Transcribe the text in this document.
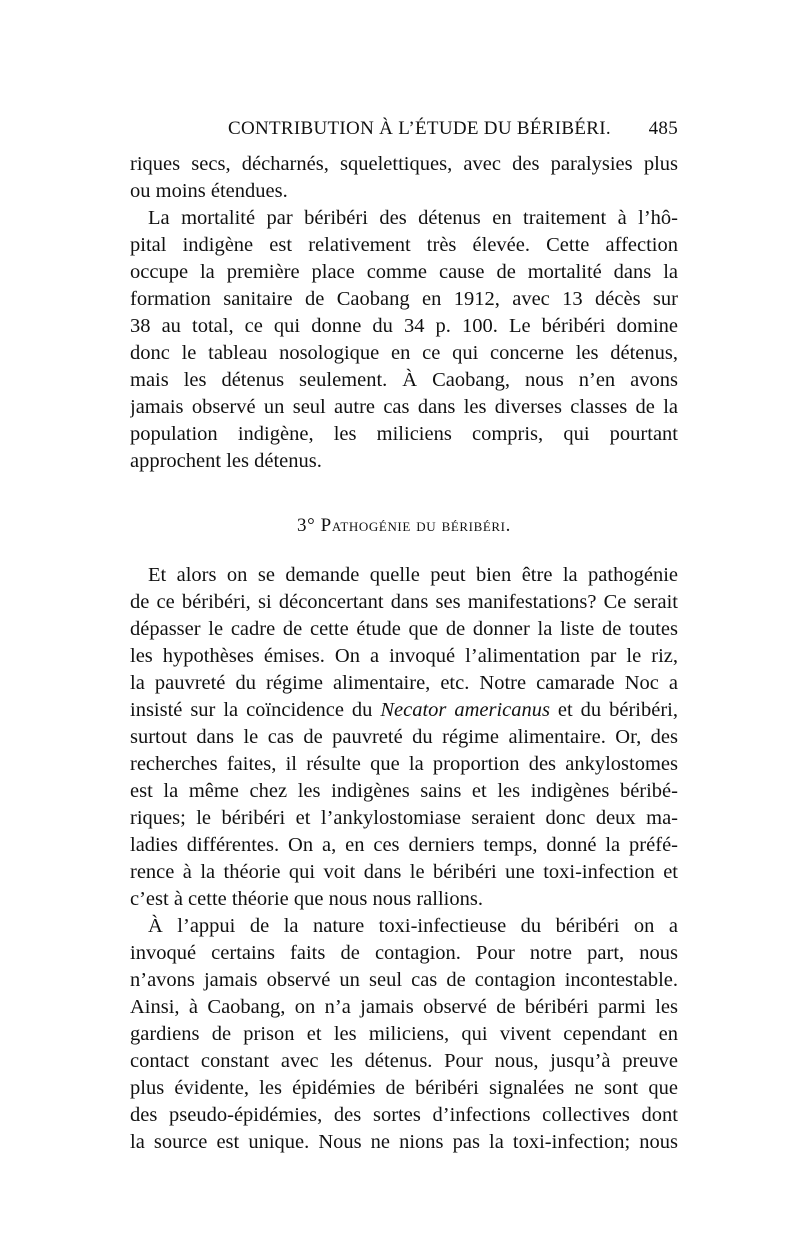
CONTRIBUTION À L’ÉTUDE DU BÉRIBÉRI. 485
riques secs, décharnés, squelettiques, avec des paralysies plus
ou moins étendues.
La mortalité par béribéri des détenus en traitement à l’hô-
pital indigène est relativement très élevée. Cette affection
occupe la première place comme cause de mortalité dans la
formation sanitaire de Caobang en 1912, avec 13 décès sur
38 au total, ce qui donne du 34 p. 100. Le béribéri domine
donc le tableau nosologique en ce qui concerne les détenus,
mais les détenus seulement. À Caobang, nous n’en avons
jamais observé un seul autre cas dans les diverses classes de la
population indigène, les miliciens compris, qui pourtant
approchent les détenus.
3° Pathogénie du béribéri.
Et alors on se demande quelle peut bien être la pathogénie
de ce béribéri, si déconcertant dans ses manifestations? Ce serait
dépasser le cadre de cette étude que de donner la liste de toutes
les hypothèses émises. On a invoqué l’alimentation par le riz,
la pauvreté du régime alimentaire, etc. Notre camarade Noc a
insisté sur la coïncidence du Necator americanus et du béribéri,
surtout dans le cas de pauvreté du régime alimentaire. Or, des
recherches faites, il résulte que la proportion des ankylostomes
est la même chez les indigènes sains et les indigènes béribé-
riques; le béribéri et l’ankylostomiase seraient donc deux ma-
ladies différentes. On a, en ces derniers temps, donné la préfé-
rence à la théorie qui voit dans le béribéri une toxi-infection et
c’est à cette théorie que nous nous rallions.
À l’appui de la nature toxi-infectieuse du béribéri on a
invoqué certains faits de contagion. Pour notre part, nous
n’avons jamais observé un seul cas de contagion incontestable.
Ainsi, à Caobang, on n’a jamais observé de béribéri parmi les
gardiens de prison et les miliciens, qui vivent cependant en
contact constant avec les détenus. Pour nous, jusqu’à preuve
plus évidente, les épidémies de béribéri signalées ne sont que
des pseudo-épidémies, des sortes d’infections collectives dont
la source est unique. Nous ne nions pas la toxi-infection; nous
